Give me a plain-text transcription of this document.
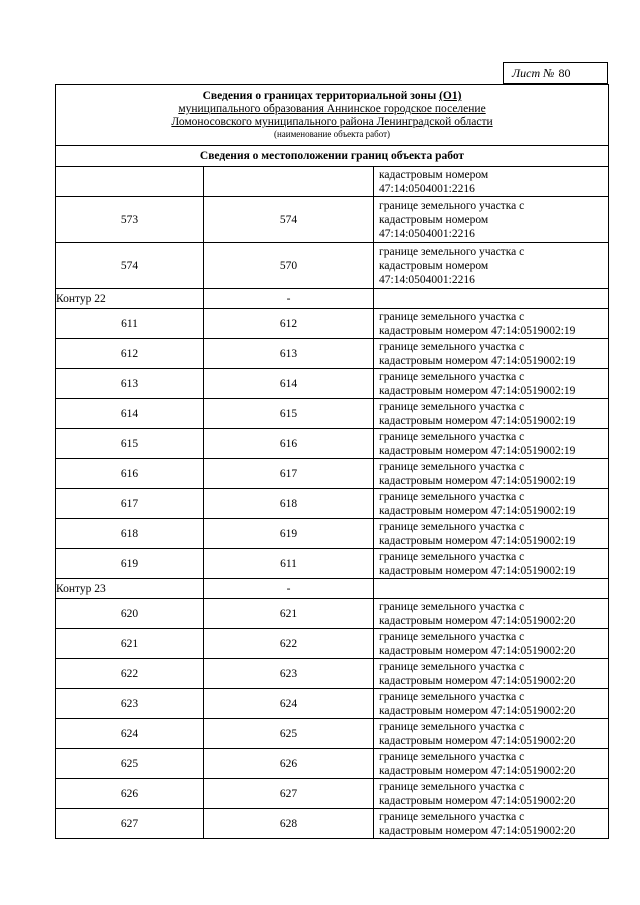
Лист № 80
Сведения о границах территориальной зоны (О1)
муниципального образования Аннинское городское поселение
Ломоносовского муниципального района Ленинградской области
(наименование объекта работ)		

Сведения о местоположении границ объекта работ		
		кадастровым номером
47:14:0504001:2216
573	574	границе земельного участка с
кадастровым номером
47:14:0504001:2216
574	570	границе земельного участка с
кадастровым номером
47:14:0504001:2216
Контур 22	-	
611	612	границе земельного участка с
кадастровым номером 47:14:0519002:19
612	613	границе земельного участка с
кадастровым номером 47:14:0519002:19
613	614	границе земельного участка с
кадастровым номером 47:14:0519002:19
614	615	границе земельного участка с
кадастровым номером 47:14:0519002:19
615	616	границе земельного участка с
кадастровым номером 47:14:0519002:19
616	617	границе земельного участка с
кадастровым номером 47:14:0519002:19
617	618	границе земельного участка с
кадастровым номером 47:14:0519002:19
618	619	границе земельного участка с
кадастровым номером 47:14:0519002:19
619	611	границе земельного участка с
кадастровым номером 47:14:0519002:19
Контур 23	-	
620	621	границе земельного участка с
кадастровым номером 47:14:0519002:20
621	622	границе земельного участка с
кадастровым номером 47:14:0519002:20
622	623	границе земельного участка с
кадастровым номером 47:14:0519002:20
623	624	границе земельного участка с
кадастровым номером 47:14:0519002:20
624	625	границе земельного участка с
кадастровым номером 47:14:0519002:20
625	626	границе земельного участка с
кадастровым номером 47:14:0519002:20
626	627	границе земельного участка с
кадастровым номером 47:14:0519002:20
627	628	границе земельного участка с
кадастровым номером 47:14:0519002:20
